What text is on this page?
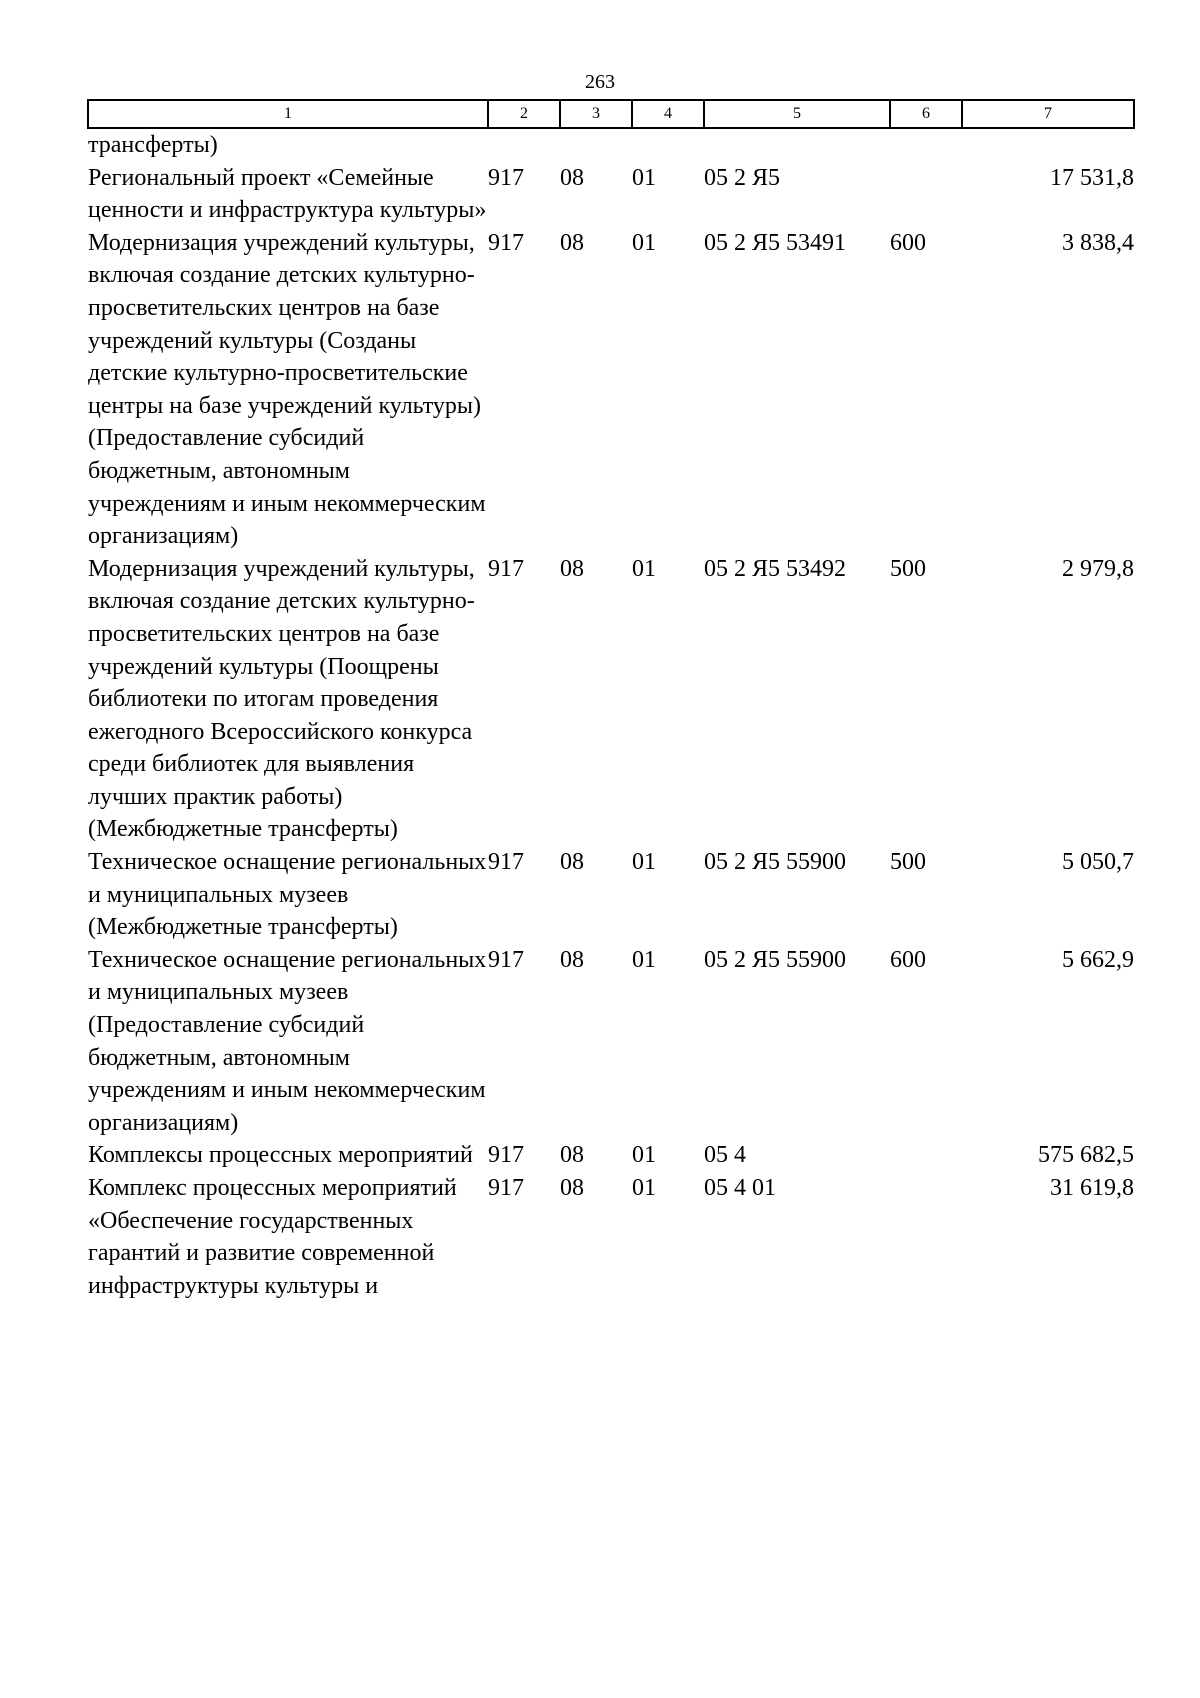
263
1	2	3	4	5	6	7
трансферты)						
Региональный проект «Семейные ценности и инфраструктура культуры»	917	08	01	05 2 Я5		17 531,8
Модернизация учреждений культуры, включая создание детских культурно-просветительских центров на базе учреждений культуры (Созданы детские культурно-просветительские центры на базе учреждений культуры) (Предоставление субсидий бюджетным, автономным учреждениям и иным некоммерческим организациям)	917	08	01	05 2 Я5 53491	600	3 838,4
Модернизация учреждений культуры, включая создание детских культурно-просветительских центров на базе учреждений культуры (Поощрены библиотеки по итогам проведения ежегодного Всероссийского конкурса среди библиотек для выявления лучших практик работы) (Межбюджетные трансферты)	917	08	01	05 2 Я5 53492	500	2 979,8
Техническое оснащение региональных и муниципальных музеев (Межбюджетные трансферты)	917	08	01	05 2 Я5 55900	500	5 050,7
Техническое оснащение региональных и муниципальных музеев (Предоставление субсидий бюджетным, автономным учреждениям и иным некоммерческим организациям)	917	08	01	05 2 Я5 55900	600	5 662,9
Комплексы процессных мероприятий	917	08	01	05 4		575 682,5
Комплекс процессных мероприятий «Обеспечение государственных гарантий и развитие современной инфраструктуры культуры и	917	08	01	05 4 01		31 619,8
